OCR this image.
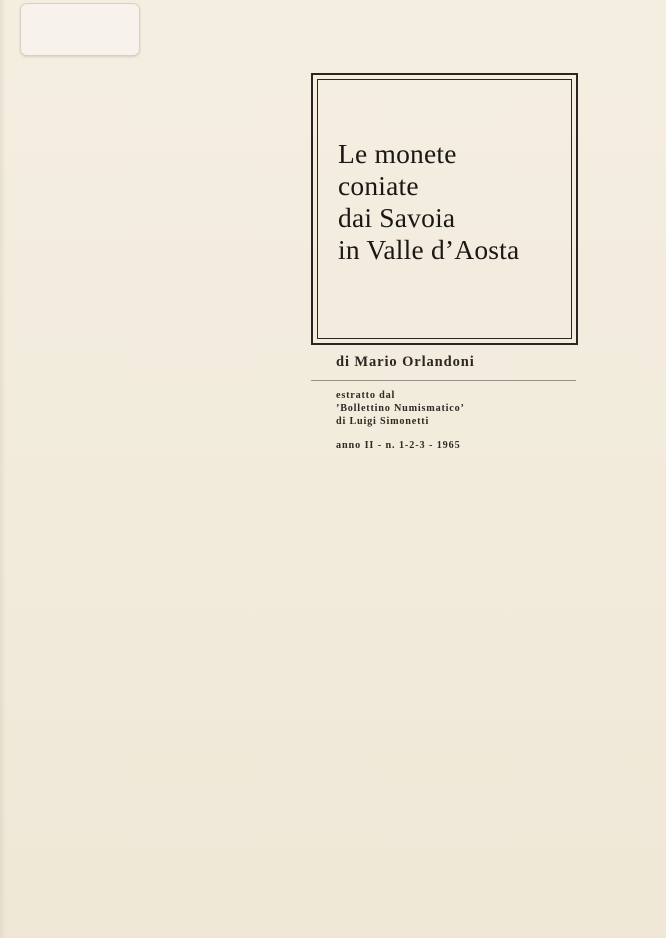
Le monete
coniate
dai Savoia
in Valle d’Aosta
di Mario Orlandoni
estratto dal
’Bollettino Numismatico’
di Luigi Simonetti
anno II - n. 1-2-3 - 1965
